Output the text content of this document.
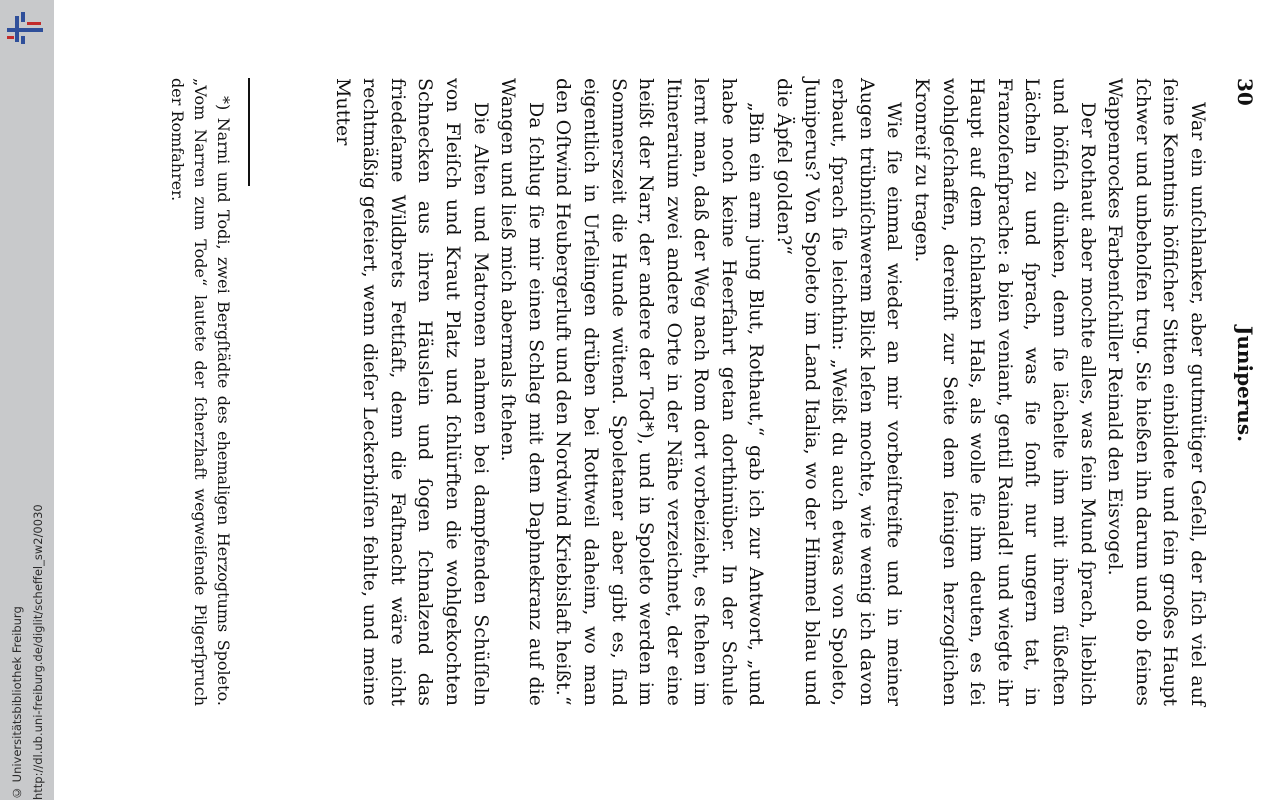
http://dl.ub.uni-freiburg.de/diglit/scheffel_sw2/0030
© Universitätsbibliothek Freiburg
30
Juniperus.

War ein unſchlanker, aber gutmütiger Geſell, der ſich viel auf ſeine Kenntnis höfiſcher Sitten einbildete und ſein großes Haupt ſchwer und unbeholfen trug. Sie hießen ihn darum und ob ſeines Wappenrockes Farbenſchiller Reinald den Eisvogel.

Der Rothaut aber mochte alles, was ſein Mund ſprach, lieblich und höfiſch dünken, denn ſie lächelte ihm mit ihrem ſüßeſten Lächeln zu und ſprach, was ſie ſonſt nur ungern tat, in Franzoſenſprache: a bien veniant, gentil Rainald! und wiegte ihr Haupt auf dem ſchlanken Hals, als wolle ſie ihm deuten, es ſei wohlgeſchaffen, dereinſt zur Seite dem ſeinigen herzoglichen Kronreif zu tragen.

Wie ſie einmal wieder an mir vorbeiſtreifte und in meiner Augen trübniſchwerem Blick leſen mochte, wie wenig ich davon erbaut, ſprach ſie leichthin: „Weißt du auch etwas von Spoleto, Juniperus? Von Spoleto im Land Italia, wo der Himmel blau und die Äpfel golden?“

„Bin ein arm jung Blut, Rothaut,“ gab ich zur Antwort, „und habe noch keine Heerfahrt getan dorthinüber. In der Schule lernt man, daß der Weg nach Rom dort vorbeizieht, es ſtehen im Itinerarium zwei andere Orte in der Nähe verzeichnet, der eine heißt der Narr, der andere der Tod*), und in Spoleto werden im Sommerszeit die Hunde wütend. Spoletaner aber gibt es, ſind eigentlich in Urſelingen drüben bei Rottweil daheim, wo man den Oſtwind Heubergerluft und den Nordwind Kriebislaft heißt.“

Da ſchlug ſie mir einen Schlag mit dem Daphnekranz auf die Wangen und ließ mich abermals ſtehen.

Die Alten und Matronen nahmen bei dampfenden Schüſſeln von Fleiſch und Kraut Platz und ſchlürften die wohlgekochten Schnecken aus ihren Häuslein und ſogen ſchnalzend das friedeſame Wildbrets Fettſaft, denn die Faſtnacht wäre nicht rechtmäßig gefeiert, wenn dieſer Leckerbiſſen fehlte, und meine Mutter

*) Narni und Todi, zwei Bergſtädte des ehemaligen Herzogtums Spoleto. „Vom Narren zum Tode“ lautete der ſcherzhaft wegweiſende Pilgerſpruch der Romfahrer.
